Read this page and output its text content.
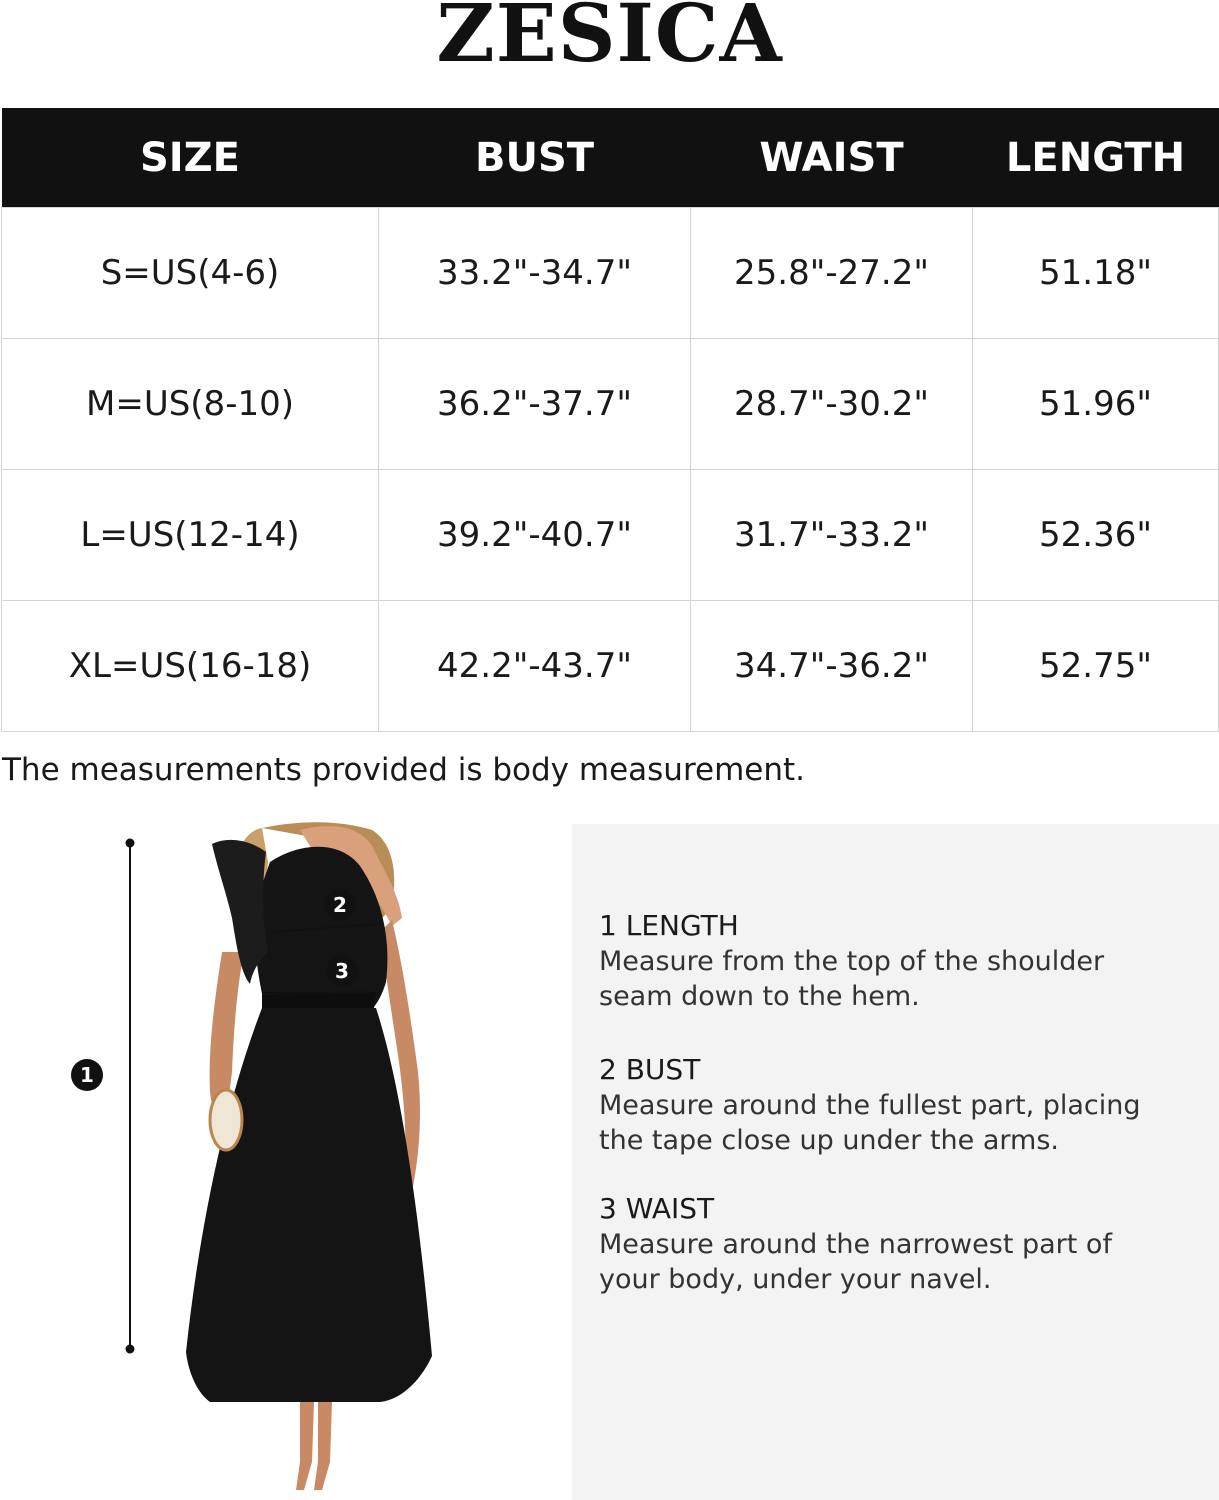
ZESICA
SIZE	BUST	WAIST	LENGTH
S=US(4-6)	33.2"-34.7"	25.8"-27.2"	51.18"
M=US(8-10)	36.2"-37.7"	28.7"-30.2"	51.96"
L=US(12-14)	39.2"-40.7"	31.7"-33.2"	52.36"
XL=US(16-18)	42.2"-43.7"	34.7"-36.2"	52.75"
The measurements provided is body measurement.
1
2
3
1 LENGTH
Measure from the top of the shoulder
seam down to the hem.
2 BUST
Measure around the fullest part, placing
the tape close up under the arms.
3 WAIST
Measure around the narrowest part of
your body, under your navel.
